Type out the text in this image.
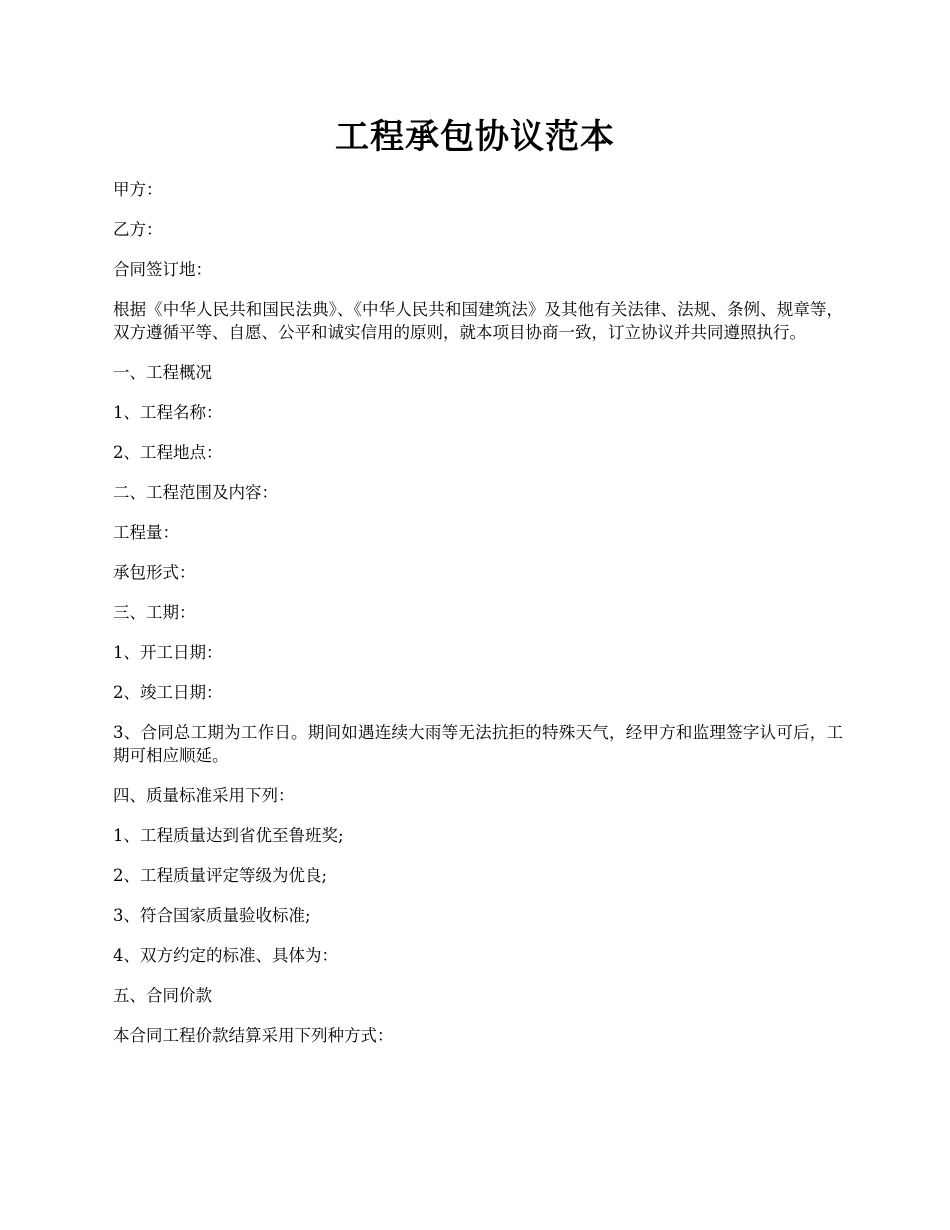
工程承包协议范本

甲方：

乙方：

合同签订地：

根据《中华人民共和国民法典》、《中华人民共和国建筑法》及其他有关法律、法规、条例、规章等，双方遵循平等、自愿、公平和诚实信用的原则，就本项目协商一致，订立协议并共同遵照执行。

一、工程概况

1、工程名称：

2、工程地点：

二、工程范围及内容：

工程量：

承包形式：

三、工期：

1、开工日期：

2、竣工日期：

3、合同总工期为工作日。期间如遇连续大雨等无法抗拒的特殊天气，经甲方和监理签字认可后，工期可相应顺延。

四、质量标准采用下列：

1、工程质量达到省优至鲁班奖;

2、工程质量评定等级为优良;

3、符合国家质量验收标准;

4、双方约定的标准、具体为：

五、合同价款

本合同工程价款结算采用下列种方式：
